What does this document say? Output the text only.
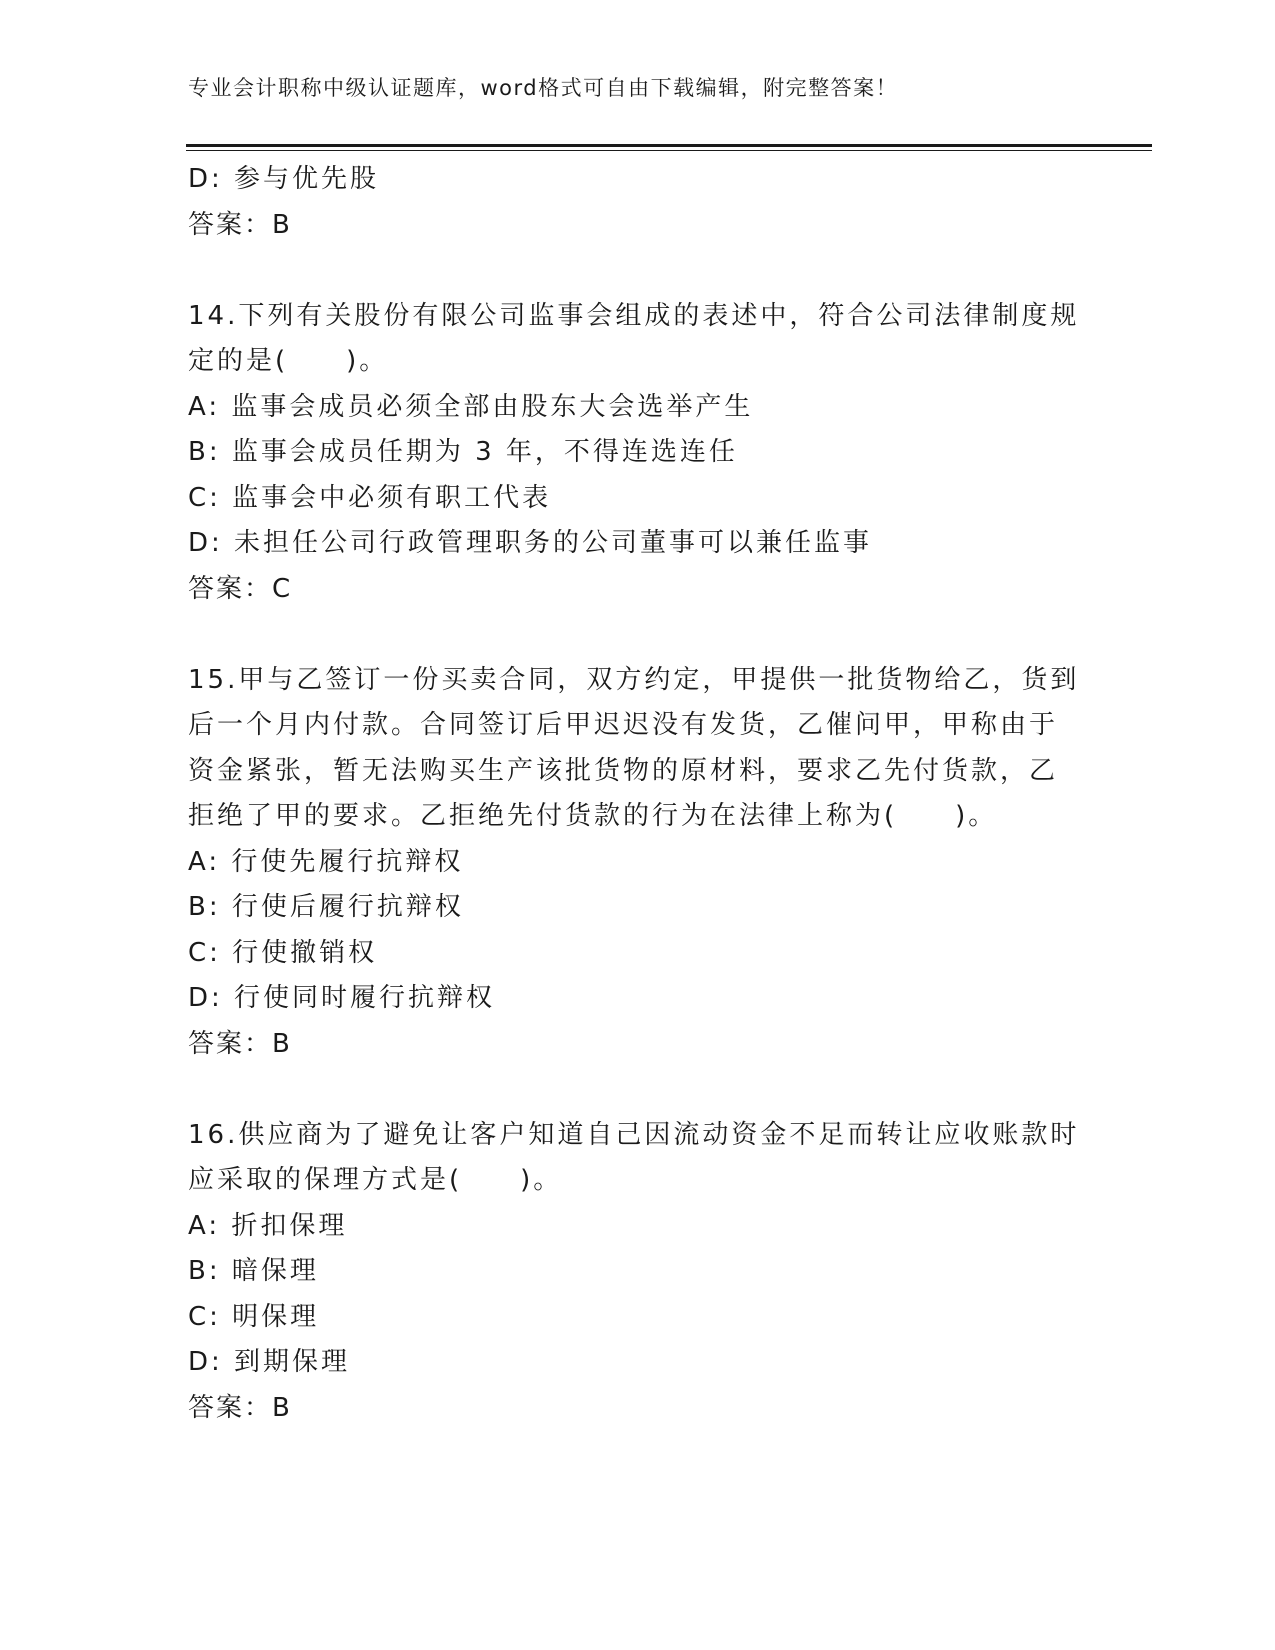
专业会计职称中级认证题库，word格式可自由下载编辑，附完整答案！
D: 参与优先股
答案：B
14.下列有关股份有限公司监事会组成的表述中，符合公司法律制度规
定的是(　　)。
A: 监事会成员必须全部由股东大会选举产生
B: 监事会成员任期为 3 年，不得连选连任
C: 监事会中必须有职工代表
D: 未担任公司行政管理职务的公司董事可以兼任监事
答案：C
15.甲与乙签订一份买卖合同，双方约定，甲提供一批货物给乙，货到
后一个月内付款。合同签订后甲迟迟没有发货，乙催问甲，甲称由于
资金紧张，暂无法购买生产该批货物的原材料，要求乙先付货款，乙
拒绝了甲的要求。乙拒绝先付货款的行为在法律上称为(　　)。
A: 行使先履行抗辩权
B: 行使后履行抗辩权
C: 行使撤销权
D: 行使同时履行抗辩权
答案：B
16.供应商为了避免让客户知道自己因流动资金不足而转让应收账款时
应采取的保理方式是(　　)。
A: 折扣保理
B: 暗保理
C: 明保理
D: 到期保理
答案：B
